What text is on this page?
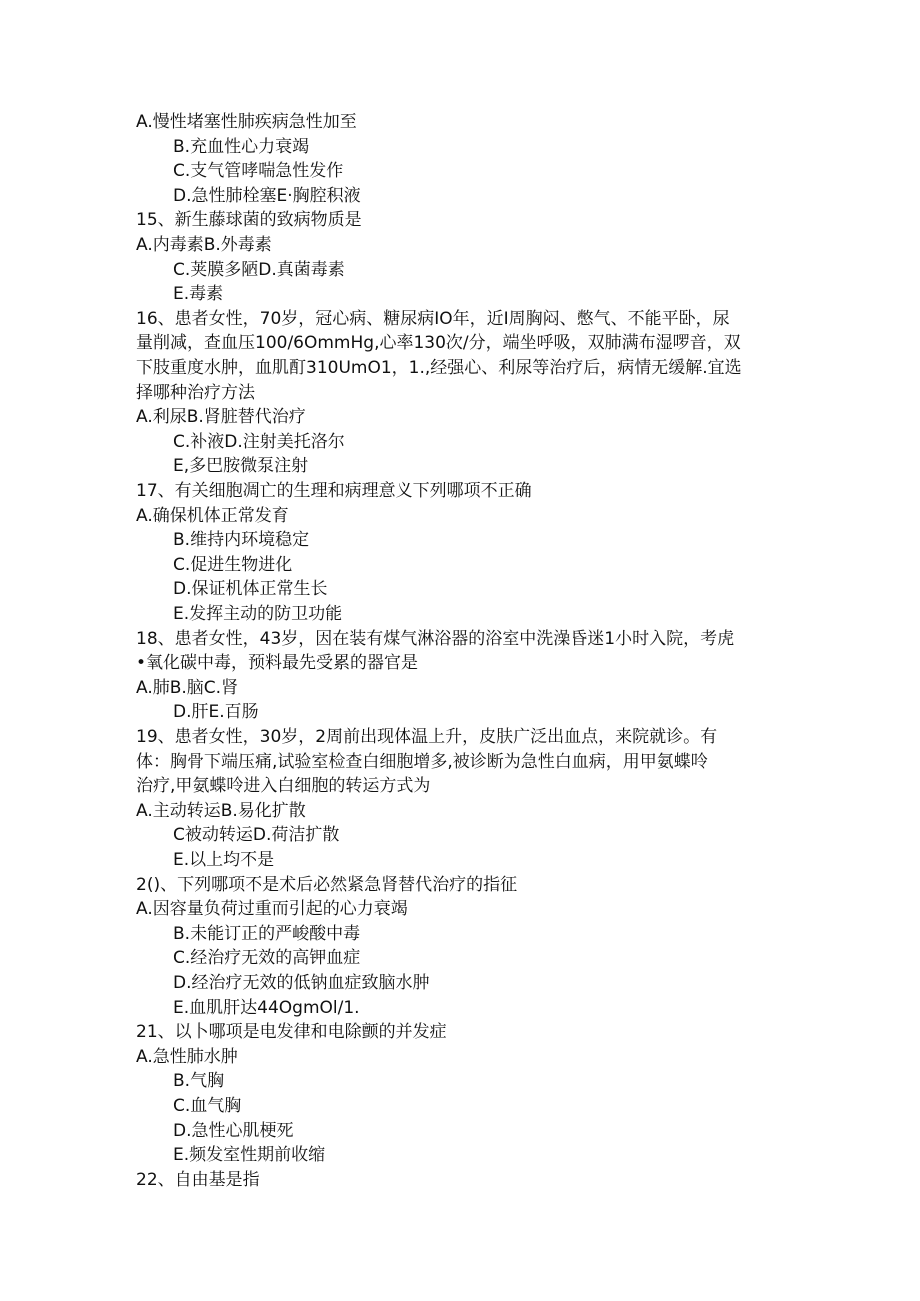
A.慢性堵塞性肺疾病急性加至
B.充血性心力衰竭
C.支气管哮喘急性发作
D.急性肺栓塞E·胸腔积液
15、新生藤球菌的致病物质是
A.内毒素B.外毒素
C.荚膜多陋D.真菌毒素
E.毒素
16、患者女性，70岁，冠心病、糖尿病IO年，近I周胸闷、憋气、不能平卧，尿
量削减，查血压100/6OmmHg,心率130次/分，端坐呼吸，双肺满布湿啰音，双
下肢重度水肿，血肌酊310UmO1，1.,经强心、利尿等治疗后，病情无缓解.宜选
择哪种治疗方法
A.利尿B.肾脏替代治疗
C.补液D.注射美托洛尔
E,多巴胺微泵注射
17、有关细胞凋亡的生理和病理意义下列哪项不正确
A.确保机体正常发育
B.维持内环境稳定
C.促进生物进化
D.保证机体正常生长
E.发挥主动的防卫功能
18、患者女性，43岁，因在装有煤气淋浴器的浴室中洗澡昏迷1小时入院，考虎
•氧化碳中毒，预料最先受累的器官是
A.肺B.脑C.肾
D.肝E.百肠
19、患者女性，30岁，2周前出现体温上升，皮肤广泛出血点，来院就诊。有
体：胸骨下端压痛,试验室检查白细胞增多,被诊断为急性白血病，用甲氨蝶呤
治疗,甲氨蝶呤进入白细胞的转运方式为
A.主动转运B.易化扩散
C被动转运D.荷洁扩散
E.以上均不是
2()、下列哪项不是术后必然紧急肾替代治疗的指征
A.因容量负荷过重而引起的心力衰竭
B.未能订正的严峻酸中毒
C.经治疗无效的高钾血症
D.经治疗无效的低钠血症致脑水肿
E.血肌肝达44OgmOl/1.
21、以卜哪项是电发律和电除颤的并发症
A.急性肺水肿
B.气胸
C.血气胸
D.急性心肌梗死
E.频发室性期前收缩
22、自由基是指
